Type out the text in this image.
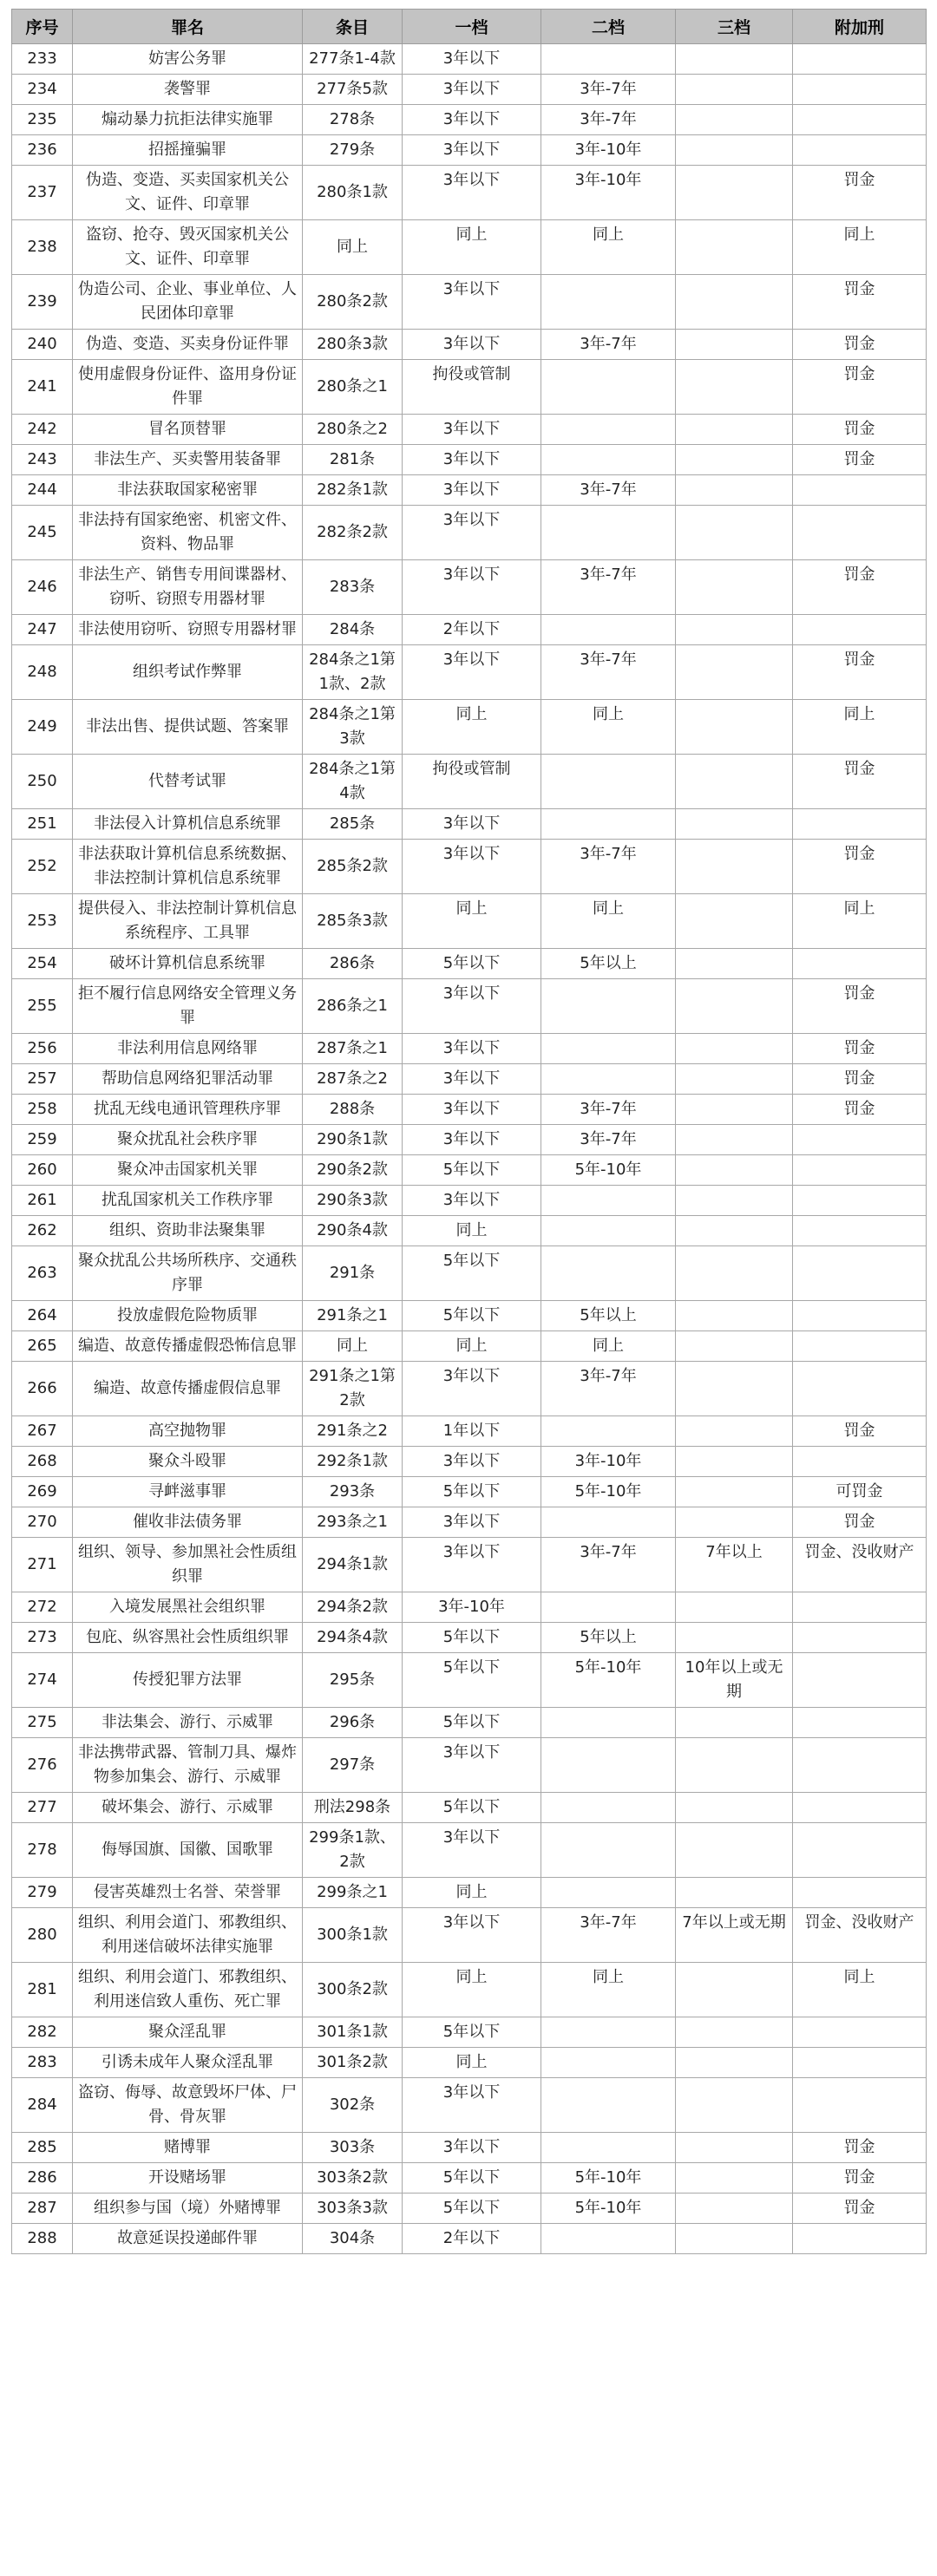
序号	罪名	条目	一档	二档	三档	附加刑
233	妨害公务罪	277条1-4款	3年以下			
234	袭警罪	277条5款	3年以下	3年-7年		
235	煽动暴力抗拒法律实施罪	278条	3年以下	3年-7年		
236	招摇撞骗罪	279条	3年以下	3年-10年		
237	伪造、变造、买卖国家机关公文、证件、印章罪	280条1款	3年以下	3年-10年		罚金
238	盗窃、抢夺、毁灭国家机关公文、证件、印章罪	同上	同上	同上		同上
239	伪造公司、企业、事业单位、人民团体印章罪	280条2款	3年以下			罚金
240	伪造、变造、买卖身份证件罪	280条3款	3年以下	3年-7年		罚金
241	使用虚假身份证件、盗用身份证件罪	280条之1	拘役或管制			罚金
242	冒名顶替罪	280条之2	3年以下			罚金
243	非法生产、买卖警用装备罪	281条	3年以下			罚金
244	非法获取国家秘密罪	282条1款	3年以下	3年-7年		
245	非法持有国家绝密、机密文件、资料、物品罪	282条2款	3年以下			
246	非法生产、销售专用间谍器材、窃听、窃照专用器材罪	283条	3年以下	3年-7年		罚金
247	非法使用窃听、窃照专用器材罪	284条	2年以下			
248	组织考试作弊罪	284条之1第1款、2款	3年以下	3年-7年		罚金
249	非法出售、提供试题、答案罪	284条之1第3款	同上	同上		同上
250	代替考试罪	284条之1第4款	拘役或管制			罚金
251	非法侵入计算机信息系统罪	285条	3年以下			
252	非法获取计算机信息系统数据、非法控制计算机信息系统罪	285条2款	3年以下	3年-7年		罚金
253	提供侵入、非法控制计算机信息系统程序、工具罪	285条3款	同上	同上		同上
254	破坏计算机信息系统罪	286条	5年以下	5年以上		
255	拒不履行信息网络安全管理义务罪	286条之1	3年以下			罚金
256	非法利用信息网络罪	287条之1	3年以下			罚金
257	帮助信息网络犯罪活动罪	287条之2	3年以下			罚金
258	扰乱无线电通讯管理秩序罪	288条	3年以下	3年-7年		罚金
259	聚众扰乱社会秩序罪	290条1款	3年以下	3年-7年		
260	聚众冲击国家机关罪	290条2款	5年以下	5年-10年		
261	扰乱国家机关工作秩序罪	290条3款	3年以下			
262	组织、资助非法聚集罪	290条4款	同上			
263	聚众扰乱公共场所秩序、交通秩序罪	291条	5年以下			
264	投放虚假危险物质罪	291条之1	5年以下	5年以上		
265	编造、故意传播虚假恐怖信息罪	同上	同上	同上		
266	编造、故意传播虚假信息罪	291条之1第2款	3年以下	3年-7年		
267	高空抛物罪	291条之2	1年以下			罚金
268	聚众斗殴罪	292条1款	3年以下	3年-10年		
269	寻衅滋事罪	293条	5年以下	5年-10年		可罚金
270	催收非法债务罪	293条之1	3年以下			罚金
271	组织、领导、参加黑社会性质组织罪	294条1款	3年以下	3年-7年	7年以上	罚金、没收财产
272	入境发展黑社会组织罪	294条2款	3年-10年			
273	包庇、纵容黑社会性质组织罪	294条4款	5年以下	5年以上		
274	传授犯罪方法罪	295条	5年以下	5年-10年	10年以上或无期	
275	非法集会、游行、示威罪	296条	5年以下			
276	非法携带武器、管制刀具、爆炸物参加集会、游行、示威罪	297条	3年以下			
277	破坏集会、游行、示威罪	刑法298条	5年以下			
278	侮辱国旗、国徽、国歌罪	299条1款、2款	3年以下			
279	侵害英雄烈士名誉、荣誉罪	299条之1	同上			
280	组织、利用会道门、邪教组织、利用迷信破坏法律实施罪	300条1款	3年以下	3年-7年	7年以上或无期	罚金、没收财产
281	组织、利用会道门、邪教组织、利用迷信致人重伤、死亡罪	300条2款	同上	同上		同上
282	聚众淫乱罪	301条1款	5年以下			
283	引诱未成年人聚众淫乱罪	301条2款	同上			
284	盗窃、侮辱、故意毁坏尸体、尸骨、骨灰罪	302条	3年以下			
285	赌博罪	303条	3年以下			罚金
286	开设赌场罪	303条2款	5年以下	5年-10年		罚金
287	组织参与国（境）外赌博罪	303条3款	5年以下	5年-10年		罚金
288	故意延误投递邮件罪	304条	2年以下			
